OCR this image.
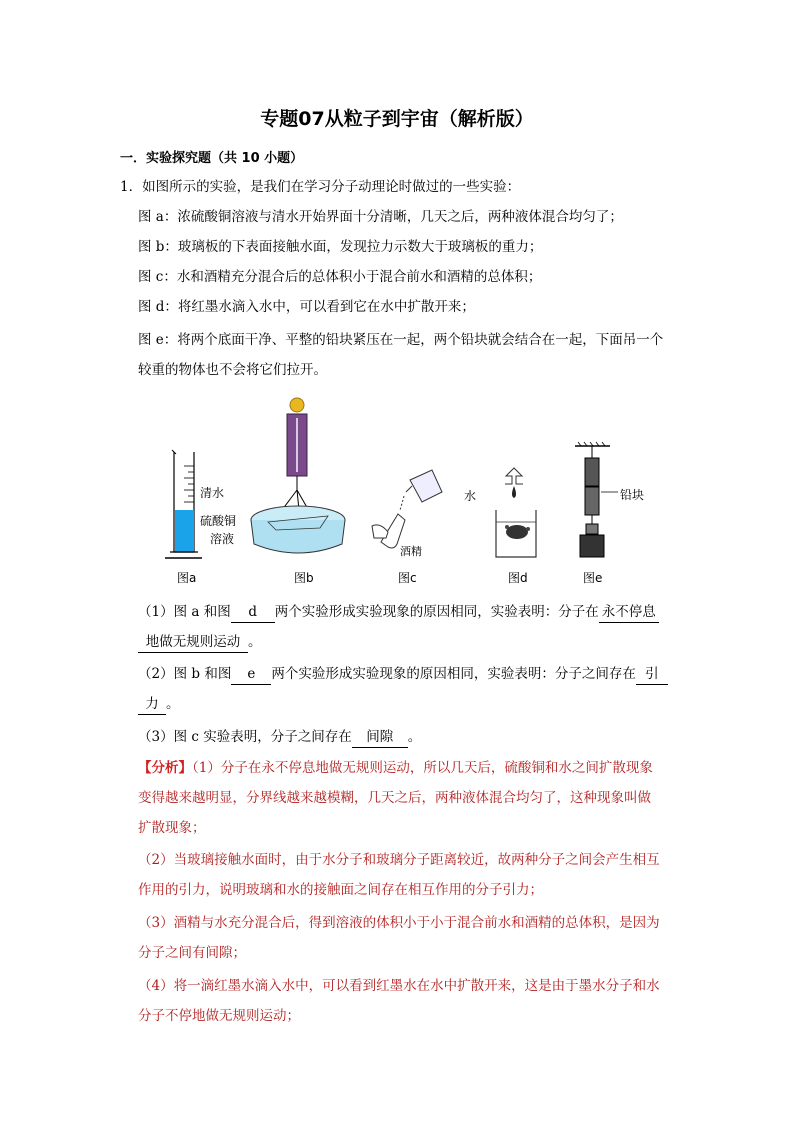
专题07从粒子到宇宙（解析版）
一．实验探究题（共 10 小题）
1．如图所示的实验，是我们在学习分子动理论时做过的一些实验：
图 a：浓硫酸铜溶液与清水开始界面十分清晰，几天之后，两种液体混合均匀了；
图 b：玻璃板的下表面接触水面，发现拉力示数大于玻璃板的重力；
图 c：水和酒精充分混合后的总体积小于混合前水和酒精的总体积；
图 d：将红墨水滴入水中，可以看到它在水中扩散开来；
图 e：将两个底面干净、平整的铅块紧压在一起，两个铅块就会结合在一起，下面吊一个
较重的物体也不会将它们拉开。
清水
硫酸铜
溶液
水
酒精
铅块
图a	图b	图c	图d	图e
（1）图 a 和图 d 两个实验形成实验现象的原因相同，实验表明：分子在 永不停息
地做无规则运动 。
（2）图 b 和图 e 两个实验形成实验现象的原因相同，实验表明：分子之间存在 引
力 。
（3）图 c 实验表明，分子之间存在 间隙 。
【分析】（1）分子在永不停息地做无规则运动，所以几天后，硫酸铜和水之间扩散现象
变得越来越明显，分界线越来越模糊，几天之后，两种液体混合均匀了，这种现象叫做
扩散现象；
（2）当玻璃接触水面时，由于水分子和玻璃分子距离较近，故两种分子之间会产生相互
作用的引力，说明玻璃和水的接触面之间存在相互作用的分子引力；
（3）酒精与水充分混合后，得到溶液的体积小于小于混合前水和酒精的总体积，是因为
分子之间有间隙；
（4）将一滴红墨水滴入水中，可以看到红墨水在水中扩散开来，这是由于墨水分子和水
分子不停地做无规则运动；
